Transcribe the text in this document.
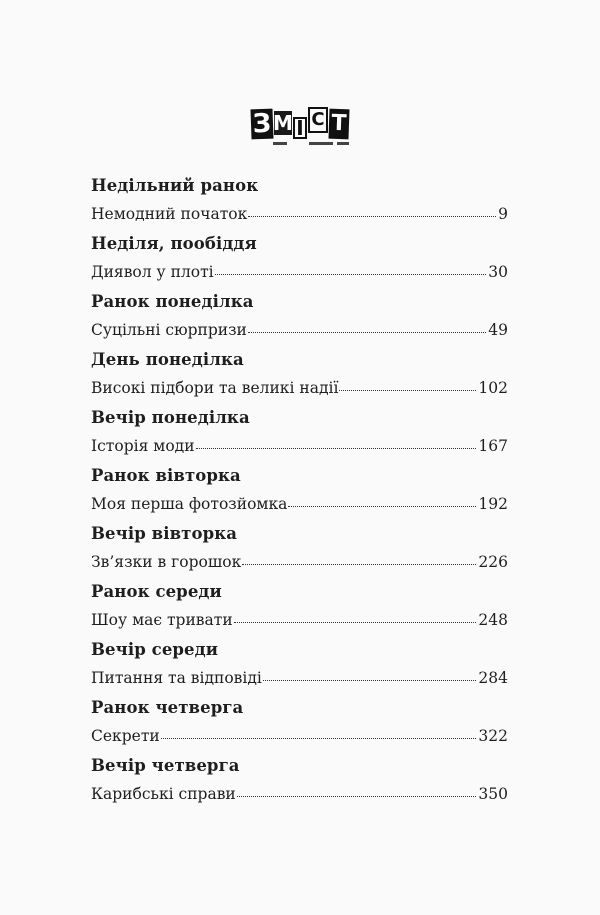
З М І С Т
Недільний ранок
Немодний початок	9
Неділя, пообіддя
Диявол у плоті	30
Ранок понеділка
Суцільні сюрпризи	49
День понеділка
Високі підбори та великі надії	102
Вечір понеділка
Історія моди	167
Ранок вівторка
Моя перша фотозйомка	192
Вечір вівторка
Зв’язки в горошок	226
Ранок середи
Шоу має тривати	248
Вечір середи
Питання та відповіді	284
Ранок четверга
Секрети	322
Вечір четверга
Карибські справи	350
